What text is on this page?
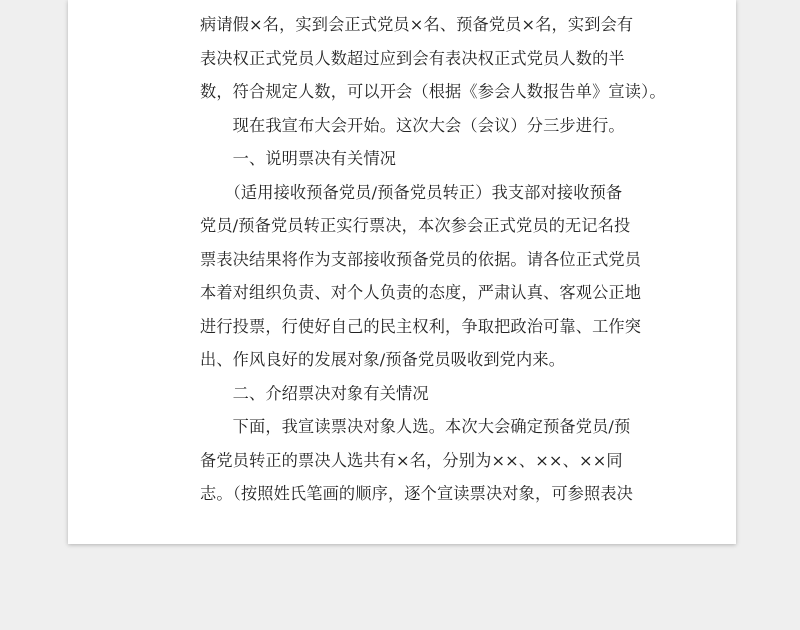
病请假×名，实到会正式党员×名、预备党员×名，实到会有

表决权正式党员人数超过应到会有表决权正式党员人数的半

数，符合规定人数，可以开会（根据《参会人数报告单》宣读）。

　　现在我宣布大会开始。这次大会（会议）分三步进行。

　　一、说明票决有关情况

　　（适用接收预备党员/预备党员转正）我支部对接收预备

党员/预备党员转正实行票决，本次参会正式党员的无记名投

票表决结果将作为支部接收预备党员的依据。请各位正式党员

本着对组织负责、对个人负责的态度，严肃认真、客观公正地

进行投票，行使好自己的民主权利，争取把政治可靠、工作突

出、作风良好的发展对象/预备党员吸收到党内来。

　　二、介绍票决对象有关情况

　　下面，我宣读票决对象人选。本次大会确定预备党员/预

备党员转正的票决人选共有×名，分别为××、××、××同

志。（按照姓氏笔画的顺序，逐个宣读票决对象，可参照表决
